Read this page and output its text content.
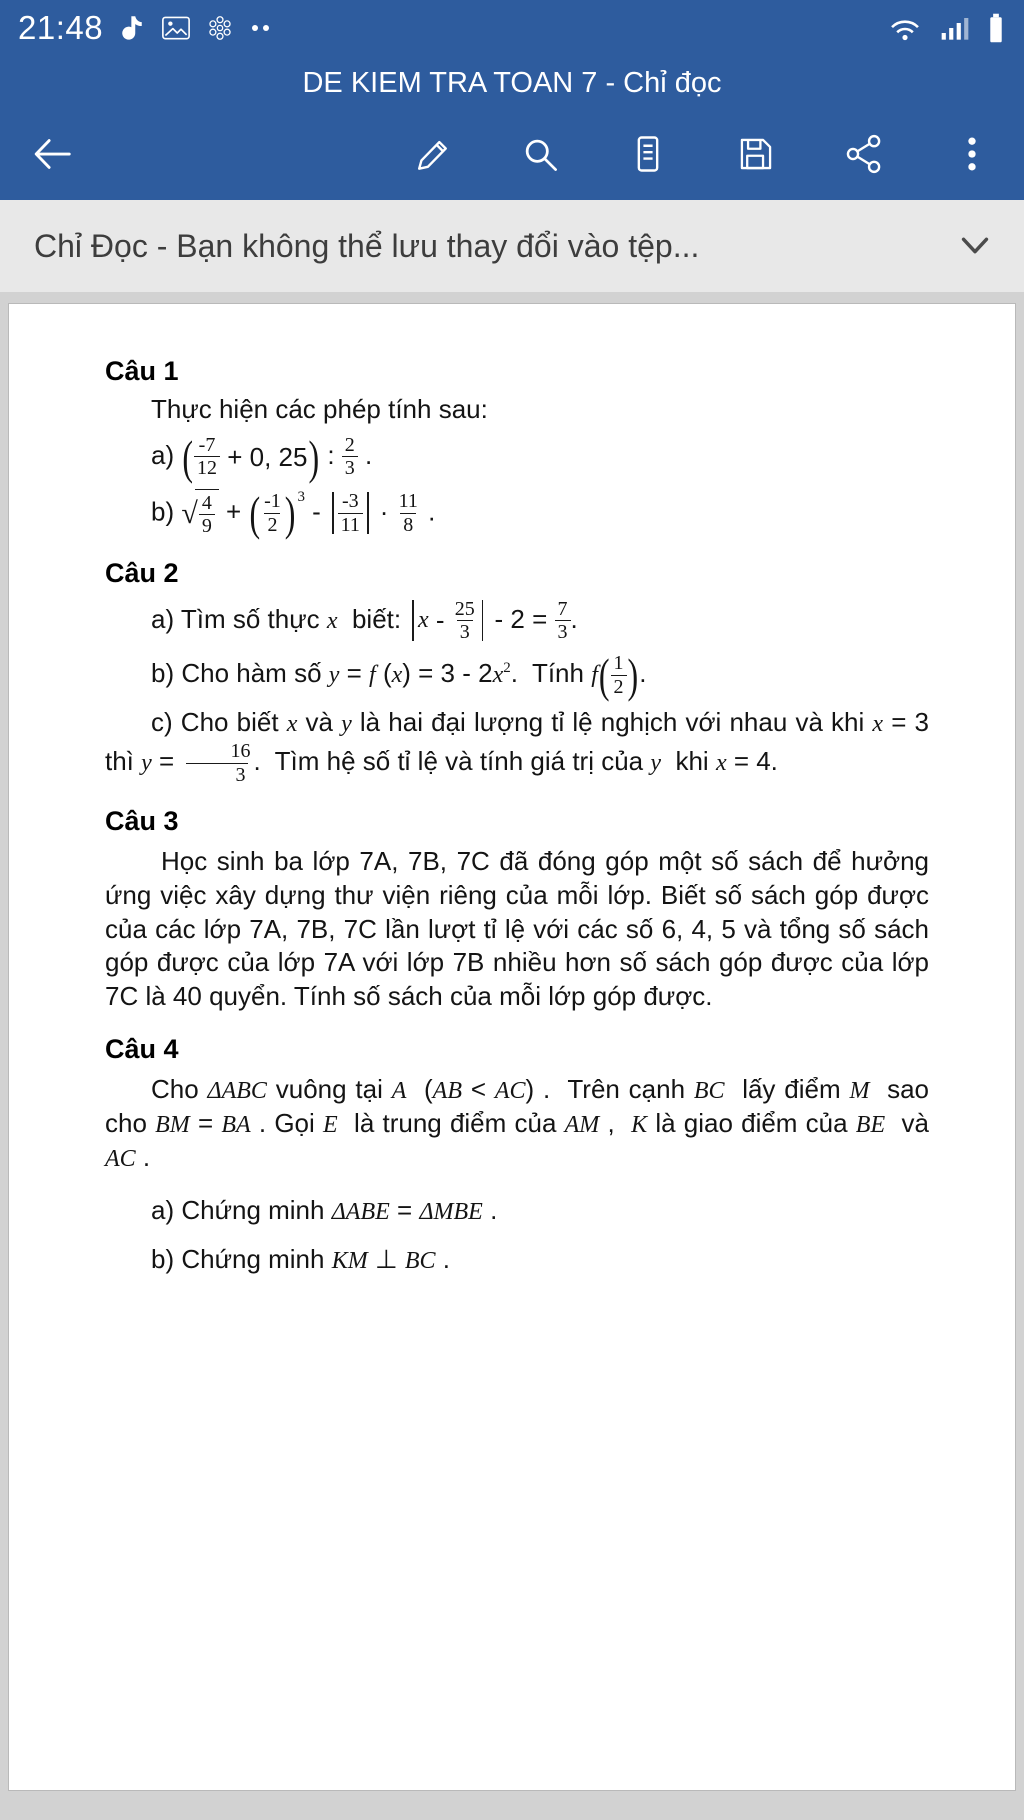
21:48
DE KIEM TRA TOAN 7 - Chỉ đọc
Chỉ Đọc - Bạn không thể lưu thay đổi vào tệp...
Câu 1
Thực hiện các phép tính sau:
a) ( $\frac{-7}{12} + 0$, 25 ) : $\frac{2}{3}$ .
b) √ $\frac{4}{9}$ + ( $\frac{-1}{2}$ ) $3 - \frac{-3}{11} \cdot \frac{11}{8}$ .
Câu 2
a) Tìm số thực x  biết: $x - \frac{25}{3} - 2 = \frac{7}{3}$ .
b) Cho hàm số y = f $(x) = 3 - 2x^2$.  Tính f ( $\frac{1}{2}$ ) .
c) Cho biết x và y là hai đại lượng tỉ lệ nghịch với nhau và khi x = 3  thì $y = \frac{16}{3}$ .  Tìm hệ số tỉ lệ và tính giá trị của y  khi x = 4.
Câu 3
Học sinh ba lớp 7A, 7B, 7C đã đóng góp một số sách để hưởng ứng việc xây dựng thư viện riêng của mỗi lớp. Biết số sách góp được của các lớp 7A, 7B, 7C lần lượt tỉ lệ với các số 6, 4, 5 và tổng số sách góp được của lớp 7A với lớp 7B nhiều hơn số sách góp được của lớp 7C là 40 quyển. Tính số sách của mỗi lớp góp được.
Câu 4
Cho ΔABC vuông tại A  (AB < AC) .  Trên cạnh BC  lấy điểm M  sao cho BM = BA . Gọi E  là trung điểm của AM ,  K là giao điểm của BE  và  AC .
a) Chứng minh ΔABE = ΔMBE .
b) Chứng minh KM ⊥ BC .
